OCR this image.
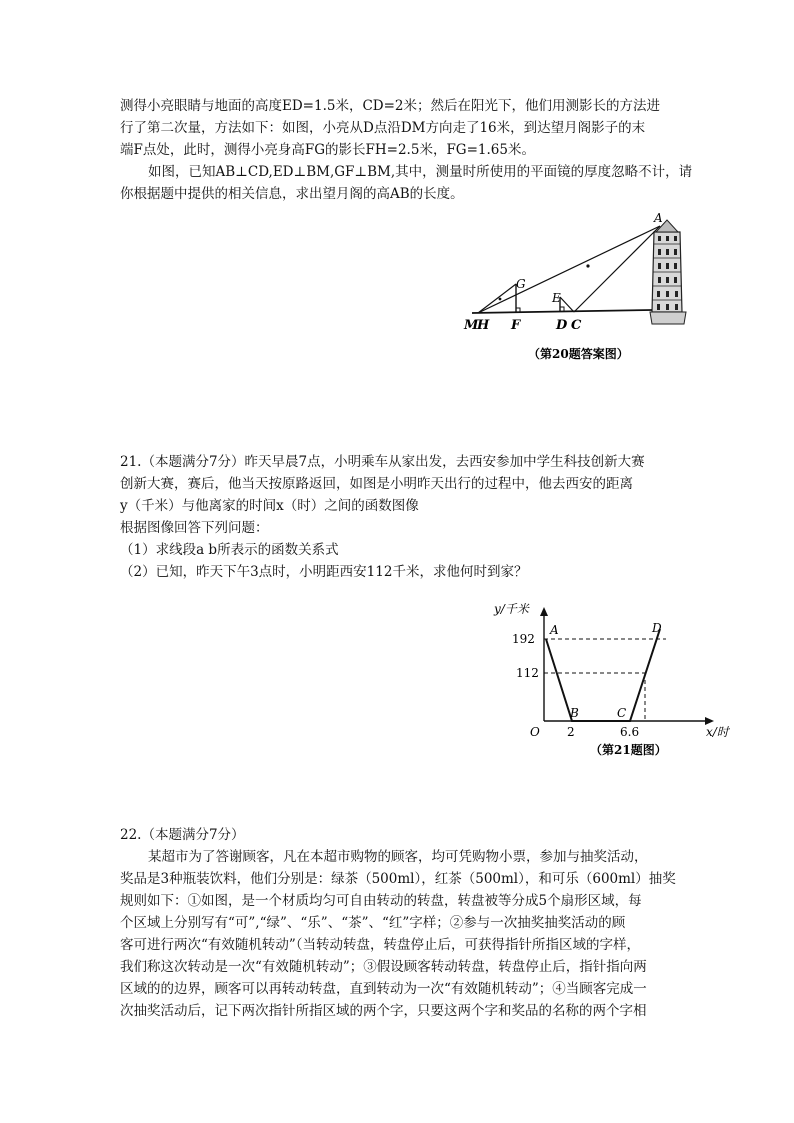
测得小亮眼睛与地面的高度ED=1.5米，CD=2米；然后在阳光下，他们用测影长的方法进
行了第二次量，方法如下：如图，小亮从D点沿DM方向走了16米，到达望月阁影子的末
端F点处，此时，测得小亮身高FG的影长FH=2.5米，FG=1.65米。
如图，已知AB⊥CD,ED⊥BM,GF⊥BM,其中，测量时所使用的平面镜的厚度忽略不计，请
你根据题中提供的相关信息，求出望月阁的高AB的长度。
A
G
E
M
H F	D C
（第20题答案图）
21.（本题满分7分）昨天早晨7点，小明乘车从家出发，去西安参加中学生科技创新大赛
创新大赛，赛后，他当天按原路返回，如图是小明昨天出行的过程中，他去西安的距离
y（千米）与他离家的时间x（时）之间的函数图像
根据图像回答下列问题：
（1）求线段a b所表示的函数关系式
（2）已知，昨天下午3点时，小明距西安112千米，求他何时到家？
y/千米
x/时
192
112
2	6.6
O
A
B	C
D
（第21题图）
22.（本题满分7分）
某超市为了答谢顾客，凡在本超市购物的顾客，均可凭购物小票，参加与抽奖活动，
奖品是3种瓶装饮料，他们分别是：绿茶（500ml），红茶（500ml），和可乐（600ml）抽奖
规则如下：①如图，是一个材质均匀可自由转动的转盘，转盘被等分成5个扇形区域，每
个区域上分别写有“可”,“绿”、“乐”、“茶”、“红”字样；②参与一次抽奖抽奖活动的顾
客可进行两次“有效随机转动”（当转动转盘，转盘停止后，可获得指针所指区域的字样，
我们称这次转动是一次“有效随机转动”；③假设顾客转动转盘，转盘停止后，指针指向两
区域的的边界，顾客可以再转动转盘，直到转动为一次“有效随机转动”；④当顾客完成一
次抽奖活动后，记下两次指针所指区域的两个字，只要这两个字和奖品的名称的两个字相
